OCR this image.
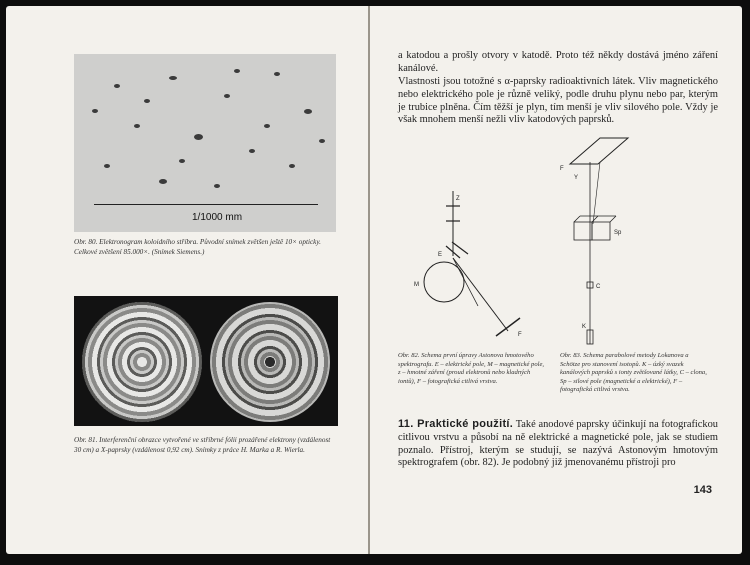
1/1000 mm
Obr. 80. Elektronogram koloidního stříbra. Původní snímek zvětšen ještě 10× opticky. Celkové zvětšení 85.000×. (Snímek Siemens.)
Obr. 81. Interferenční obrazce vytvořené ve stříbrné fólii prozářené elektrony (vzdálenost 30 cm) a X-paprsky (vzdálenost 0,92 cm). Snímky z práce H. Marka a R. Wierla.
a katodou a prošly otvory v katodě. Proto též někdy dostává jméno záření kanálové.
Vlastnosti jsou totožné s α-paprsky radioaktivních látek. Vliv magnetického nebo elektrického pole je různě veliký, podle druhu plynu nebo par, kterým je trubice plněna. Čím těžší je plyn, tím menší je vliv silového pole. Vždy je však mnohem menší nežli vliv katodových paprsků.
Z
E
M
F
F
Y
Sp
C
K
Obr. 82. Schema první úpravy Astonova hmotového spektrografu. E – elektrické pole, M – magnetické pole, z – hmotné záření (proud elektronů nebo kladných iontů), F – fotografická citlivá vrstva.
Obr. 83. Schema parabolové metody Lokanova a Schötze pro stanovení isotopů. K – úzký svazek kanálových paprsků s ionty zvětšované látky, C – clona, Sp – silové pole (magnetické a elektrické), F – fotografická citlivá vrstva.
11. Praktické použití. Také anodové paprsky účinkují na fotografickou citlivou vrstvu a působí na ně elektrické a magnetické pole, jak se studiem poznalo. Přístroj, kterým se studují, se nazývá Astonovým hmotovým spektrografem (obr. 82). Je podobný již jmenovanému přístroji pro
143
